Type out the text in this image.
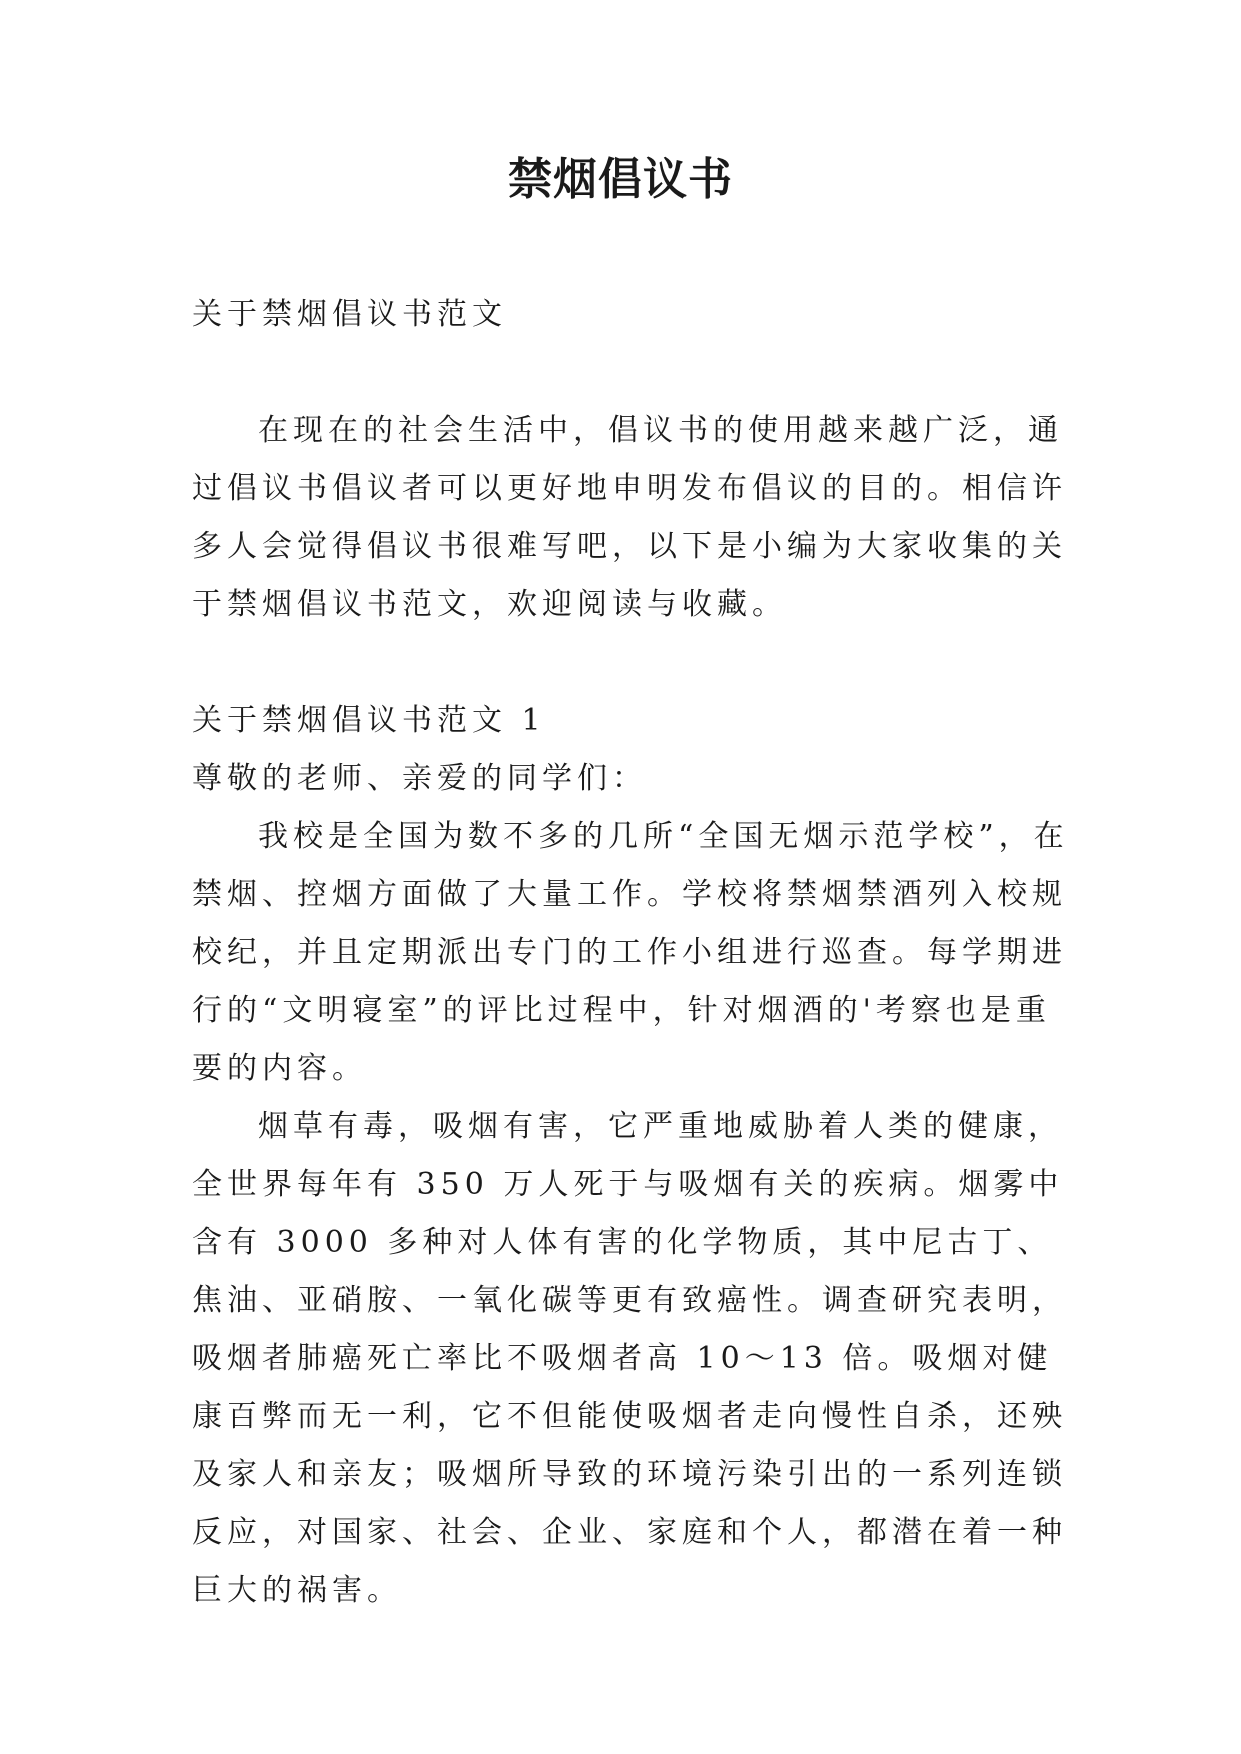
禁烟倡议书

关于禁烟倡议书范文

在现在的社会生活中，倡议书的使用越来越广泛，通过倡议书倡议者可以更好地申明发布倡议的目的。相信许多人会觉得倡议书很难写吧，以下是小编为大家收集的关于禁烟倡议书范文，欢迎阅读与收藏。

关于禁烟倡议书范文 1

尊敬的老师、亲爱的同学们：

我校是全国为数不多的几所“全国无烟示范学校”，在禁烟、控烟方面做了大量工作。学校将禁烟禁酒列入校规校纪，并且定期派出专门的工作小组进行巡查。每学期进行的“文明寝室”的评比过程中，针对烟酒的'考察也是重要的内容。

烟草有毒，吸烟有害，它严重地威胁着人类的健康，全世界每年有 350 万人死于与吸烟有关的疾病。烟雾中含有 3000 多种对人体有害的化学物质，其中尼古丁、焦油、亚硝胺、一氧化碳等更有致癌性。调查研究表明，吸烟者肺癌死亡率比不吸烟者高 10～13 倍。吸烟对健康百弊而无一利，它不但能使吸烟者走向慢性自杀，还殃及家人和亲友；吸烟所导致的环境污染引出的一系列连锁反应，对国家、社会、企业、家庭和个人，都潜在着一种巨大的祸害。
